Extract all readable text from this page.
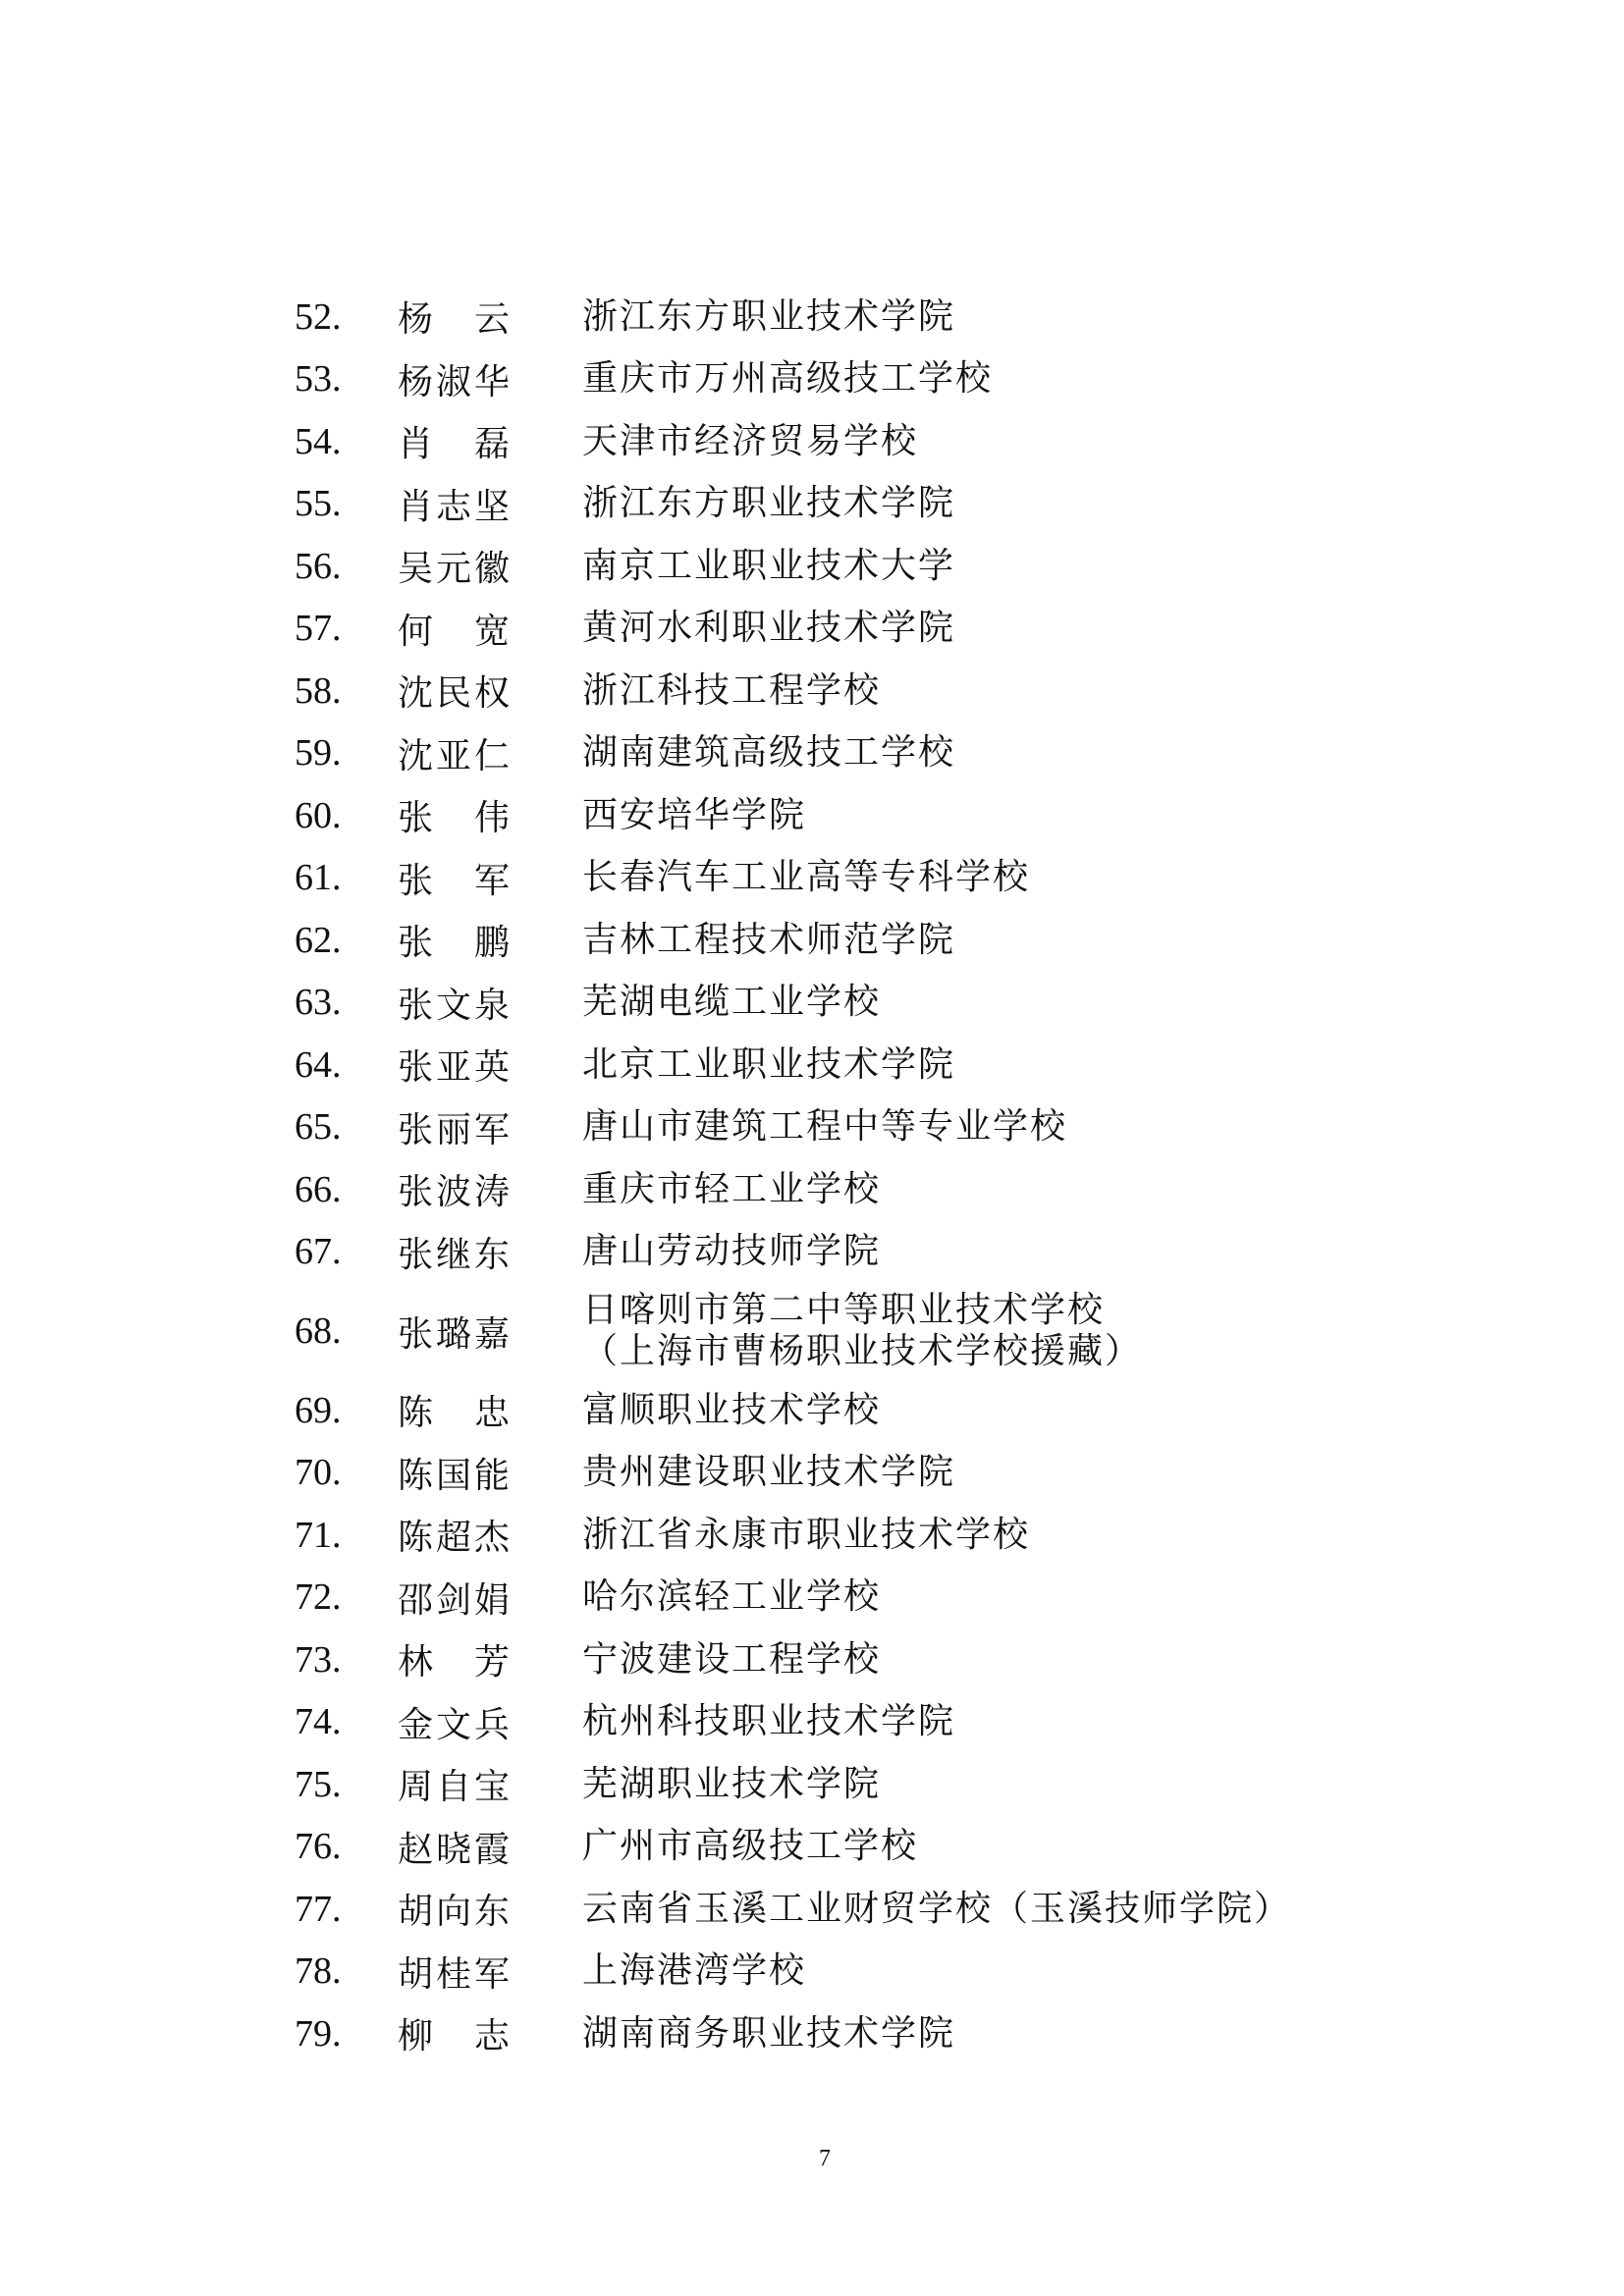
52.	杨　云 浙江东方职业技术学院
53.	杨淑华 重庆市万州高级技工学校
54.	肖　磊 天津市经济贸易学校
55.	肖志坚 浙江东方职业技术学院
56.	吴元徽 南京工业职业技术大学
57.	何　宽 黄河水利职业技术学院
58.	沈民权 浙江科技工程学校
59.	沈亚仁 湖南建筑高级技工学校
60.	张　伟 西安培华学院
61.	张　军 长春汽车工业高等专科学校
62.	张　鹏 吉林工程技术师范学院
63.	张文泉 芜湖电缆工业学校
64.	张亚英 北京工业职业技术学院
65.	张丽军 唐山市建筑工程中等专业学校
66.	张波涛 重庆市轻工业学校
67.	张继东 唐山劳动技师学院
68.	张璐嘉
日喀则市第二中等职业技术学校
（上海市曹杨职业技术学校援藏）
69.	陈　忠 富顺职业技术学校
70.	陈国能 贵州建设职业技术学院
71.	陈超杰 浙江省永康市职业技术学校
72.	邵剑娟 哈尔滨轻工业学校
73.	林　芳 宁波建设工程学校
74.	金文兵 杭州科技职业技术学院
75.	周自宝 芜湖职业技术学院
76.	赵晓霞 广州市高级技工学校
77.	胡向东 云南省玉溪工业财贸学校（玉溪技师学院）
78.	胡桂军 上海港湾学校
79.	柳　志 湖南商务职业技术学院
7
